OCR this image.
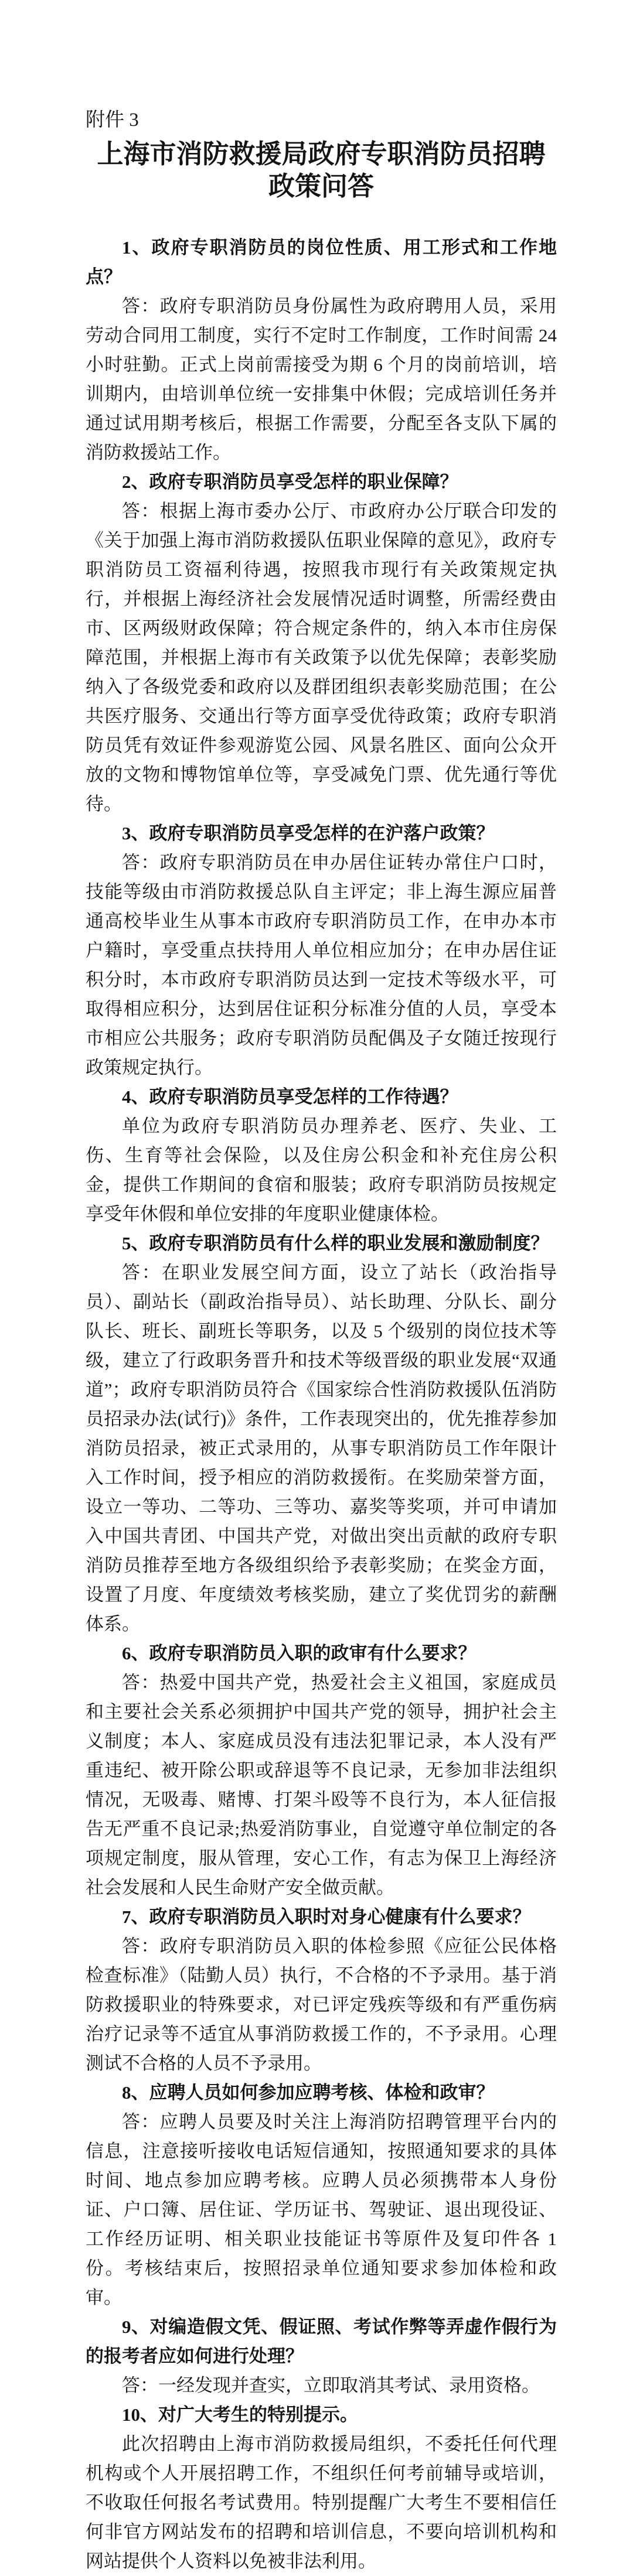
附件 3
上海市消防救援局政府专职消防员招聘
政策问答

1、政府专职消防员的岗位性质、用工形式和工作地点？

答：政府专职消防员身份属性为政府聘用人员，采用劳动合同用工制度，实行不定时工作制度，工作时间需 24 小时驻勤。正式上岗前需接受为期 6 个月的岗前培训，培训期内，由培训单位统一安排集中休假；完成培训任务并通过试用期考核后，根据工作需要，分配至各支队下属的消防救援站工作。

2、政府专职消防员享受怎样的职业保障？

答：根据上海市委办公厅、市政府办公厅联合印发的《关于加强上海市消防救援队伍职业保障的意见》，政府专职消防员工资福利待遇，按照我市现行有关政策规定执行，并根据上海经济社会发展情况适时调整，所需经费由市、区两级财政保障；符合规定条件的，纳入本市住房保障范围，并根据上海市有关政策予以优先保障；表彰奖励纳入了各级党委和政府以及群团组织表彰奖励范围；在公共医疗服务、交通出行等方面享受优待政策；政府专职消防员凭有效证件参观游览公园、风景名胜区、面向公众开放的文物和博物馆单位等，享受减免门票、优先通行等优待。

3、政府专职消防员享受怎样的在沪落户政策？

答：政府专职消防员在申办居住证转办常住户口时，技能等级由市消防救援总队自主评定；非上海生源应届普通高校毕业生从事本市政府专职消防员工作，在申办本市户籍时，享受重点扶持用人单位相应加分；在申办居住证积分时，本市政府专职消防员达到一定技术等级水平，可取得相应积分，达到居住证积分标准分值的人员，享受本市相应公共服务；政府专职消防员配偶及子女随迁按现行政策规定执行。

4、政府专职消防员享受怎样的工作待遇？

单位为政府专职消防员办理养老、医疗、失业、工伤、生育等社会保险，以及住房公积金和补充住房公积金，提供工作期间的食宿和服装；政府专职消防员按规定享受年休假和单位安排的年度职业健康体检。

5、政府专职消防员有什么样的职业发展和激励制度？

答：在职业发展空间方面，设立了站长（政治指导员）、副站长（副政治指导员）、站长助理、分队长、副分队长、班长、副班长等职务，以及 5 个级别的岗位技术等级，建立了行政职务晋升和技术等级晋级的职业发展“双通道”；政府专职消防员符合《国家综合性消防救援队伍消防员招录办法(试行)》条件，工作表现突出的，优先推荐参加消防员招录，被正式录用的，从事专职消防员工作年限计入工作时间，授予相应的消防救援衔。在奖励荣誉方面，设立一等功、二等功、三等功、嘉奖等奖项，并可申请加入中国共青团、中国共产党，对做出突出贡献的政府专职消防员推荐至地方各级组织给予表彰奖励；在奖金方面，设置了月度、年度绩效考核奖励，建立了奖优罚劣的薪酬体系。

6、政府专职消防员入职的政审有什么要求？

答：热爱中国共产党，热爱社会主义祖国，家庭成员和主要社会关系必须拥护中国共产党的领导，拥护社会主义制度；本人、家庭成员没有违法犯罪记录，本人没有严重违纪、被开除公职或辞退等不良记录，无参加非法组织情况，无吸毒、赌博、打架斗殴等不良行为，本人征信报告无严重不良记录;热爱消防事业，自觉遵守单位制定的各项规定制度，服从管理，安心工作，有志为保卫上海经济社会发展和人民生命财产安全做贡献。

7、政府专职消防员入职时对身心健康有什么要求？

答：政府专职消防员入职的体检参照《应征公民体格检查标准》（陆勤人员）执行，不合格的不予录用。基于消防救援职业的特殊要求，对已评定残疾等级和有严重伤病治疗记录等不适宜从事消防救援工作的，不予录用。心理测试不合格的人员不予录用。

8、应聘人员如何参加应聘考核、体检和政审？

答：应聘人员要及时关注上海消防招聘管理平台内的信息，注意接听接收电话短信通知，按照通知要求的具体时间、地点参加应聘考核。应聘人员必须携带本人身份证、户口簿、居住证、学历证书、驾驶证、退出现役证、工作经历证明、相关职业技能证书等原件及复印件各 1 份。考核结束后，按照招录单位通知要求参加体检和政审。

9、对编造假文凭、假证照、考试作弊等弄虚作假行为的报考者应如何进行处理？

答：一经发现并查实，立即取消其考试、录用资格。

10、对广大考生的特别提示。

此次招聘由上海市消防救援局组织，不委托任何代理机构或个人开展招聘工作，不组织任何考前辅导或培训，不收取任何报名考试费用。特别提醒广大考生不要相信任何非官方网站发布的招聘和培训信息，不要向培训机构和网站提供个人资料以免被非法利用。
